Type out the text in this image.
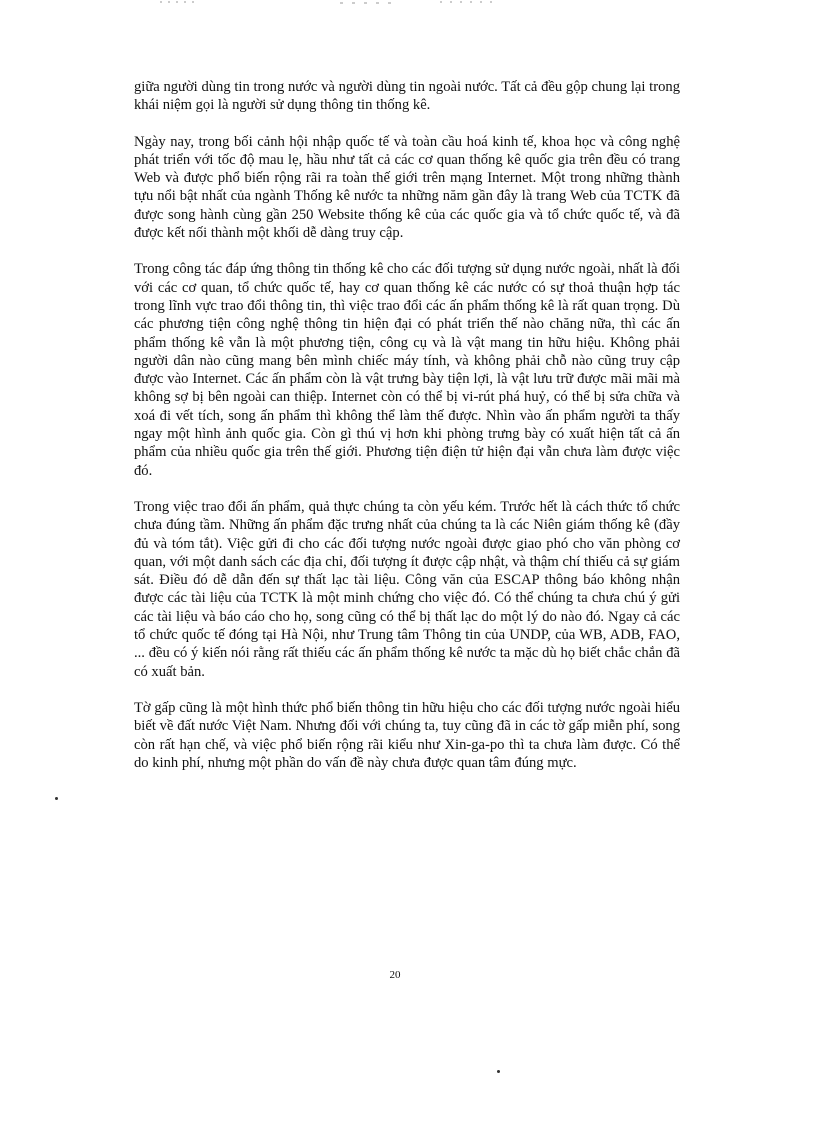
giữa người dùng tin trong nước và người dùng tin ngoài nước. Tất cả đều gộp chung lại trong khái niệm gọi là người sử dụng thông tin thống kê.

Ngày nay, trong bối cảnh hội nhập quốc tế và toàn cầu hoá kinh tế, khoa học và công nghệ phát triển với tốc độ mau lẹ, hầu như tất cả các cơ quan thống kê quốc gia trên đều có trang Web và được phổ biến rộng rãi ra toàn thế giới trên mạng Internet. Một trong những thành tựu nổi bật nhất của ngành Thống kê nước ta những năm gần đây là trang Web của TCTK đã được song hành cùng gần 250 Website thống kê của các quốc gia và tổ chức quốc tế, và đã được kết nối thành một khối dễ dàng truy cập.

Trong công tác đáp ứng thông tin thống kê cho các đối tượng sử dụng nước ngoài, nhất là đối với các cơ quan, tổ chức quốc tế, hay cơ quan thống kê các nước có sự thoả thuận hợp tác trong lĩnh vực trao đổi thông tin, thì việc trao đổi các ấn phẩm thống kê là rất quan trọng. Dù các phương tiện công nghệ thông tin hiện đại có phát triển thế nào chăng nữa, thì các ấn phẩm thống kê vẫn là một phương tiện, công cụ và là vật mang tin hữu hiệu. Không phải người dân nào cũng mang bên mình chiếc máy tính, và không phải chỗ nào cũng truy cập được vào Internet. Các ấn phẩm còn là vật trưng bày tiện lợi, là vật lưu trữ được mãi mãi mà không sợ bị bên ngoài can thiệp. Internet còn có thể bị vi-rút phá huỷ, có thể bị sửa chữa và xoá đi vết tích, song ấn phẩm thì không thể làm thế được. Nhìn vào ấn phẩm người ta thấy ngay một hình ảnh quốc gia. Còn gì thú vị hơn khi phòng trưng bày có xuất hiện tất cả ấn phẩm của nhiều quốc gia trên thế giới. Phương tiện điện tử hiện đại vẫn chưa làm được việc đó.

Trong việc trao đổi ấn phẩm, quả thực chúng ta còn yếu kém. Trước hết là cách thức tổ chức chưa đúng tầm. Những ấn phẩm đặc trưng nhất của chúng ta là các Niên giám thống kê (đầy đủ và tóm tắt). Việc gửi đi cho các đối tượng nước ngoài được giao phó cho văn phòng cơ quan, với một danh sách các địa chỉ, đối tượng ít được cập nhật, và thậm chí thiếu cả sự giám sát. Điều đó dễ dẫn đến sự thất lạc tài liệu. Công văn của ESCAP thông báo không nhận được các tài liệu của TCTK là một minh chứng cho việc đó. Có thể chúng ta chưa chú ý gửi các tài liệu và báo cáo cho họ, song cũng có thể bị thất lạc do một lý do nào đó. Ngay cả các tổ chức quốc tế đóng tại Hà Nội, như Trung tâm Thông tin của UNDP, của WB, ADB, FAO, ... đều có ý kiến nói rằng rất thiếu các ấn phẩm thống kê nước ta mặc dù họ biết chắc chắn đã có xuất bản.

Tờ gấp cũng là một hình thức phổ biến thông tin hữu hiệu cho các đối tượng nước ngoài hiểu biết về đất nước Việt Nam. Nhưng đối với chúng ta, tuy cũng đã in các tờ gấp miễn phí, song còn rất hạn chế, và việc phổ biến rộng rãi kiểu như Xin-ga-po thì ta chưa làm được. Có thể do kinh phí, nhưng một phần do vấn đề này chưa được quan tâm đúng mực.

20
